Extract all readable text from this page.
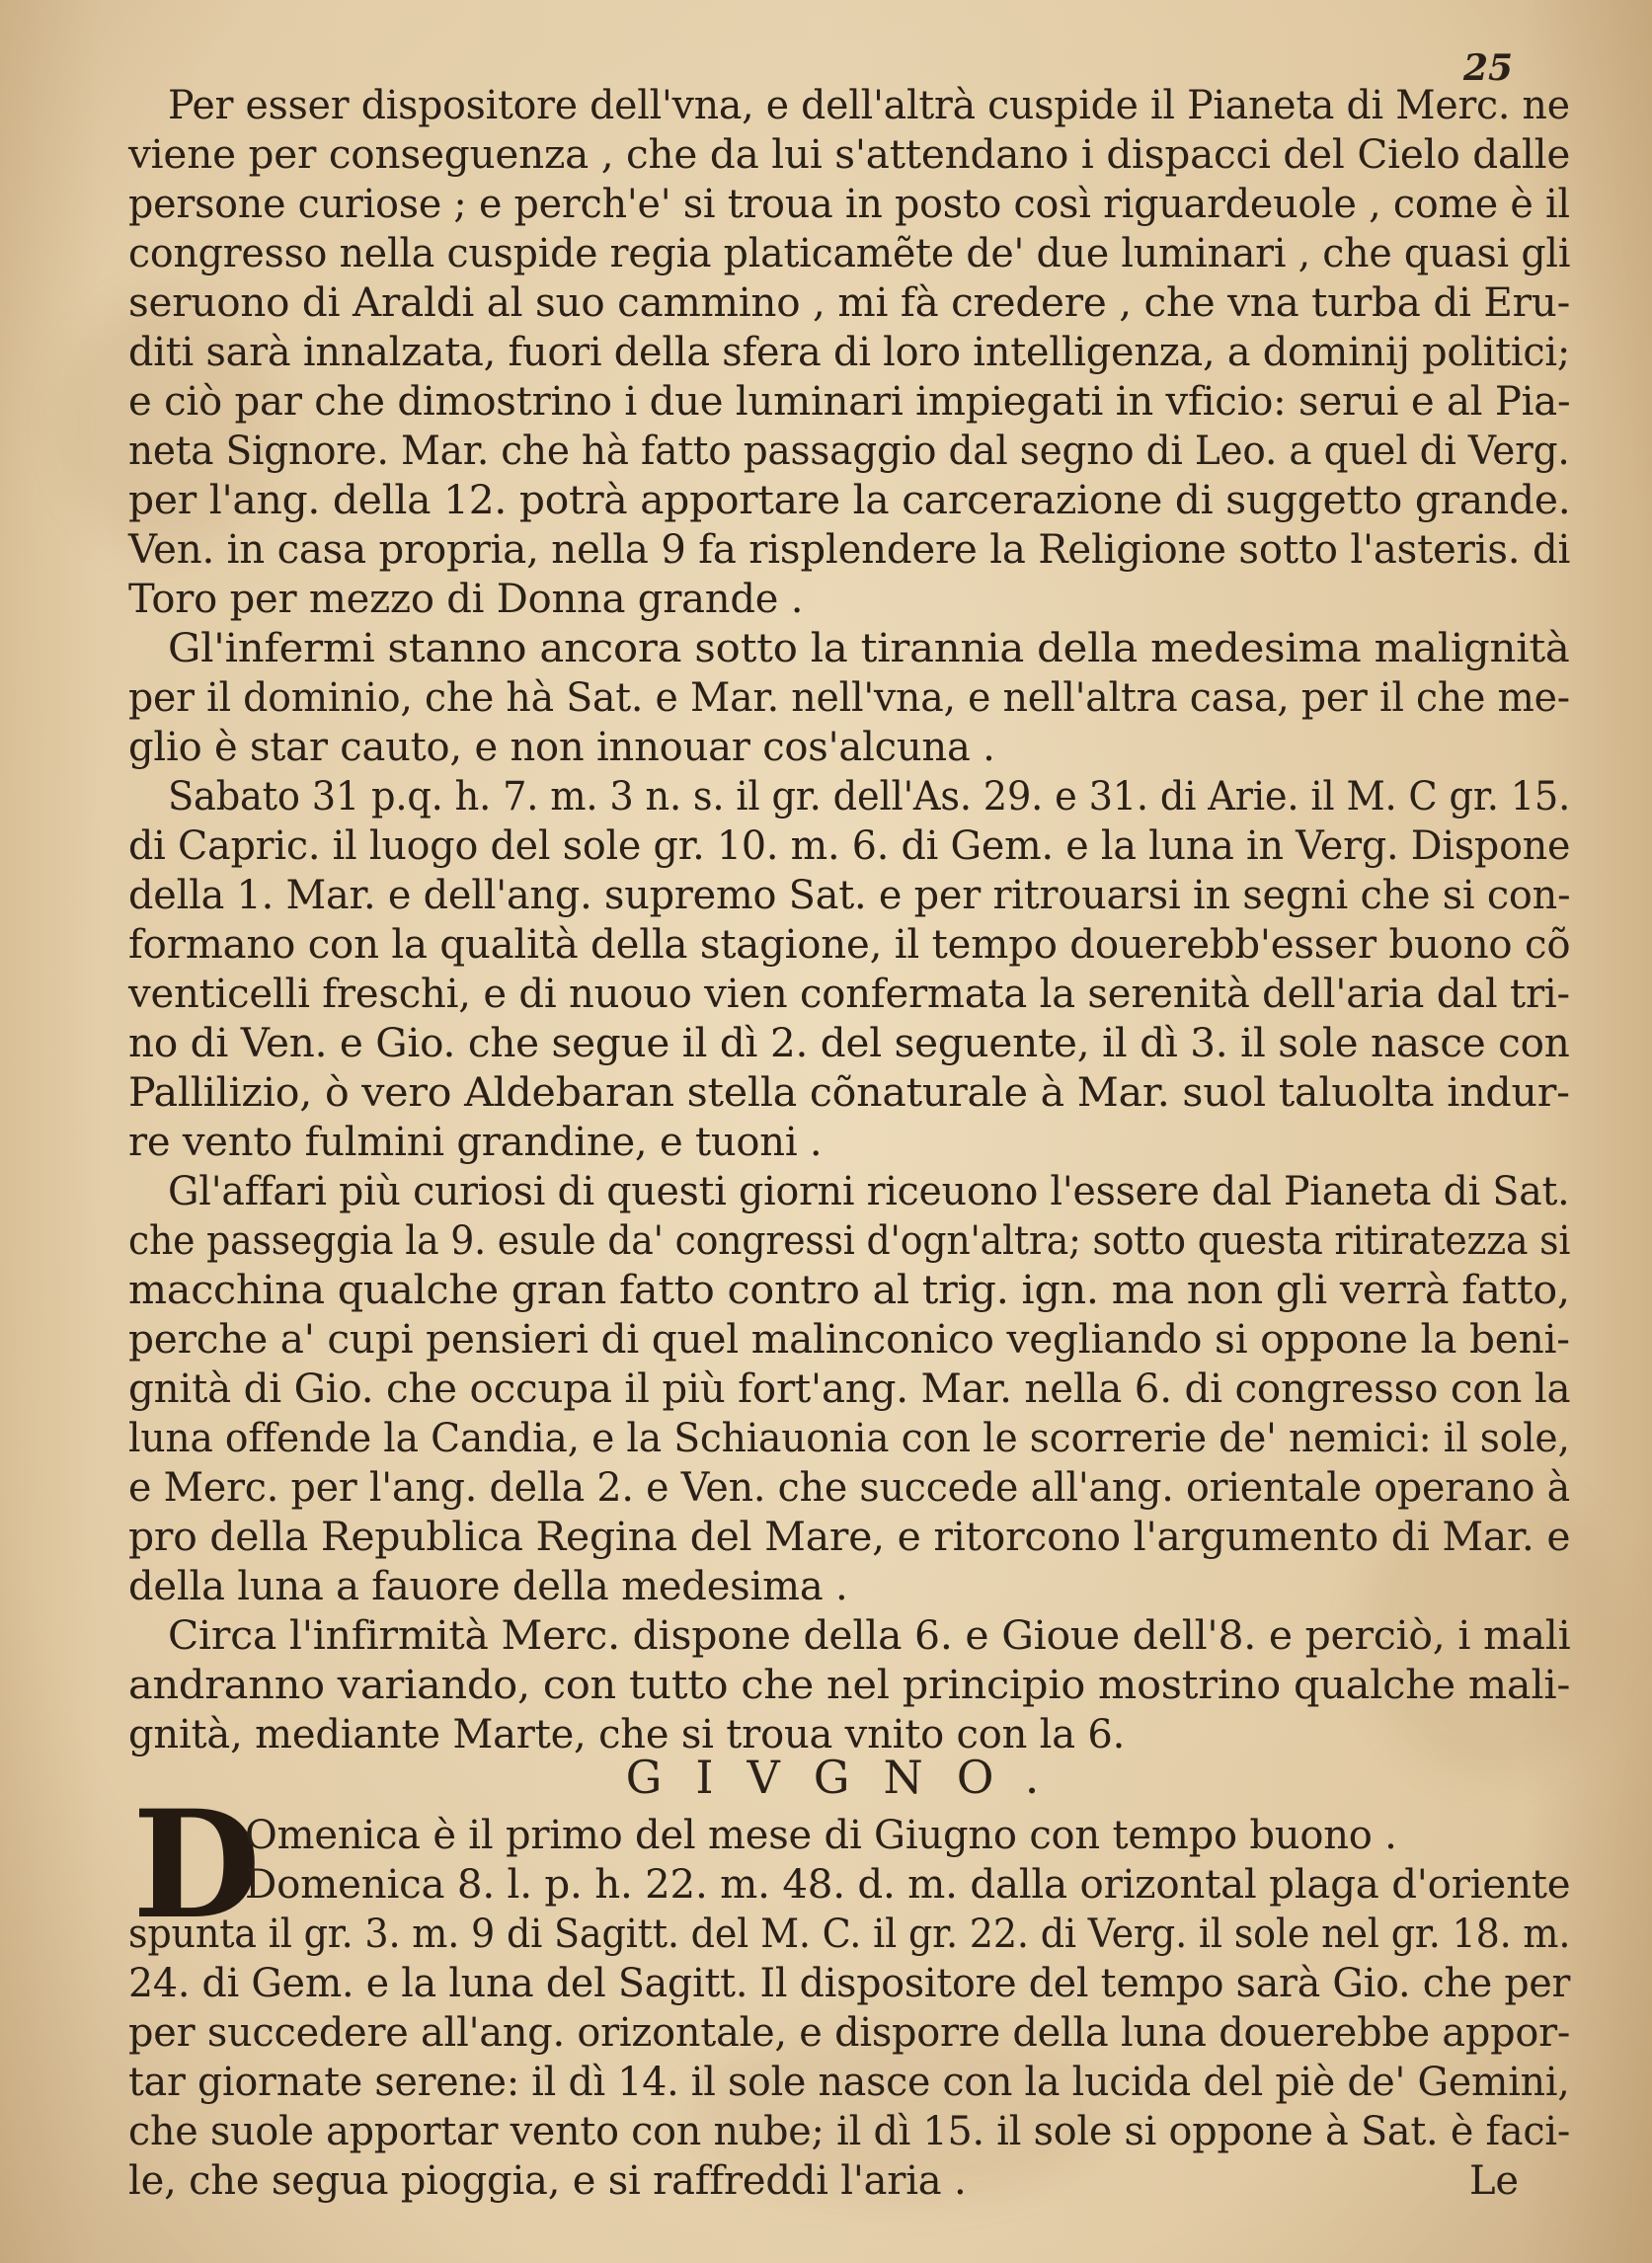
25
Per esser dispositore dell'vna, e dell'altrà cuspide il Pianeta di Merc. ne
viene per conseguenza , che da lui s'attendano i dispacci del Cielo dalle
persone curiose ; e perch'e' si troua in posto così riguardeuole , come è il
congresso nella cuspide regia platicamẽte de' due luminari , che quasi gli
seruono di Araldi al suo cammino , mi fà credere , che vna turba di Eru-
diti sarà innalzata, fuori della sfera di loro intelligenza, a dominij politici;
e ciò par che dimostrino i due luminari impiegati in vficio: serui e al Pia-
neta Signore. Mar. che hà fatto passaggio dal segno di Leo. a quel di Verg.
per l'ang. della 12. potrà apportare la carcerazione di suggetto grande.
Ven. in casa propria, nella 9 fa risplendere la Religione sotto l'asteris. di
Toro per mezzo di Donna grande .
Gl'infermi stanno ancora sotto la tirannia della medesima malignità
per il dominio, che hà Sat. e Mar. nell'vna, e nell'altra casa, per il che me-
glio è star cauto, e non innouar cos'alcuna .
Sabato 31 p.q. h. 7. m. 3 n. s. il gr. dell'As. 29. e 31. di Arie. il M. C gr. 15.
di Capric. il luogo del sole gr. 10. m. 6. di Gem. e la luna in Verg. Dispone
della 1. Mar. e dell'ang. supremo Sat. e per ritrouarsi in segni che si con-
formano con la qualità della stagione, il tempo douerebb'esser buono cõ
venticelli freschi, e di nuouo vien confermata la serenità dell'aria dal tri-
no di Ven. e Gio. che segue il dì 2. del seguente, il dì 3. il sole nasce con
Pallilizio, ò vero Aldebaran stella cõnaturale à Mar. suol taluolta indur-
re vento fulmini grandine, e tuoni .
Gl'affari più curiosi di questi giorni riceuono l'essere dal Pianeta di Sat.
che passeggia la 9. esule da' congressi d'ogn'altra; sotto questa ritiratezza si
macchina qualche gran fatto contro al trig. ign. ma non gli verrà fatto,
perche a' cupi pensieri di quel malinconico vegliando si oppone la beni-
gnità di Gio. che occupa il più fort'ang. Mar. nella 6. di congresso con la
luna offende la Candia, e la Schiauonia con le scorrerie de' nemici: il sole,
e Merc. per l'ang. della 2. e Ven. che succede all'ang. orientale operano à
pro della Republica Regina del Mare, e ritorcono l'argumento di Mar. e
della luna a fauore della medesima .
Circa l'infirmità Merc. dispone della 6. e Gioue dell'8. e perciò, i mali
andranno variando, con tutto che nel principio mostrino qualche mali-
gnità, mediante Marte, che si troua vnito con la 6.
GIVGNO.
D
Omenica è il primo del mese di Giugno con tempo buono .
Domenica 8. l. p. h. 22. m. 48. d. m. dalla orizontal plaga d'oriente
spunta il gr. 3. m. 9 di Sagitt. del M. C. il gr. 22. di Verg. il sole nel gr. 18. m.
24. di Gem. e la luna del Sagitt. Il dispositore del tempo sarà Gio. che per
per succedere all'ang. orizontale, e disporre della luna douerebbe appor-
tar giornate serene: il dì 14. il sole nasce con la lucida del piè de' Gemini,
che suole apportar vento con nube; il dì 15. il sole si oppone à Sat. è faci-
le, che segua pioggia, e si raffreddi l'aria .	Le
